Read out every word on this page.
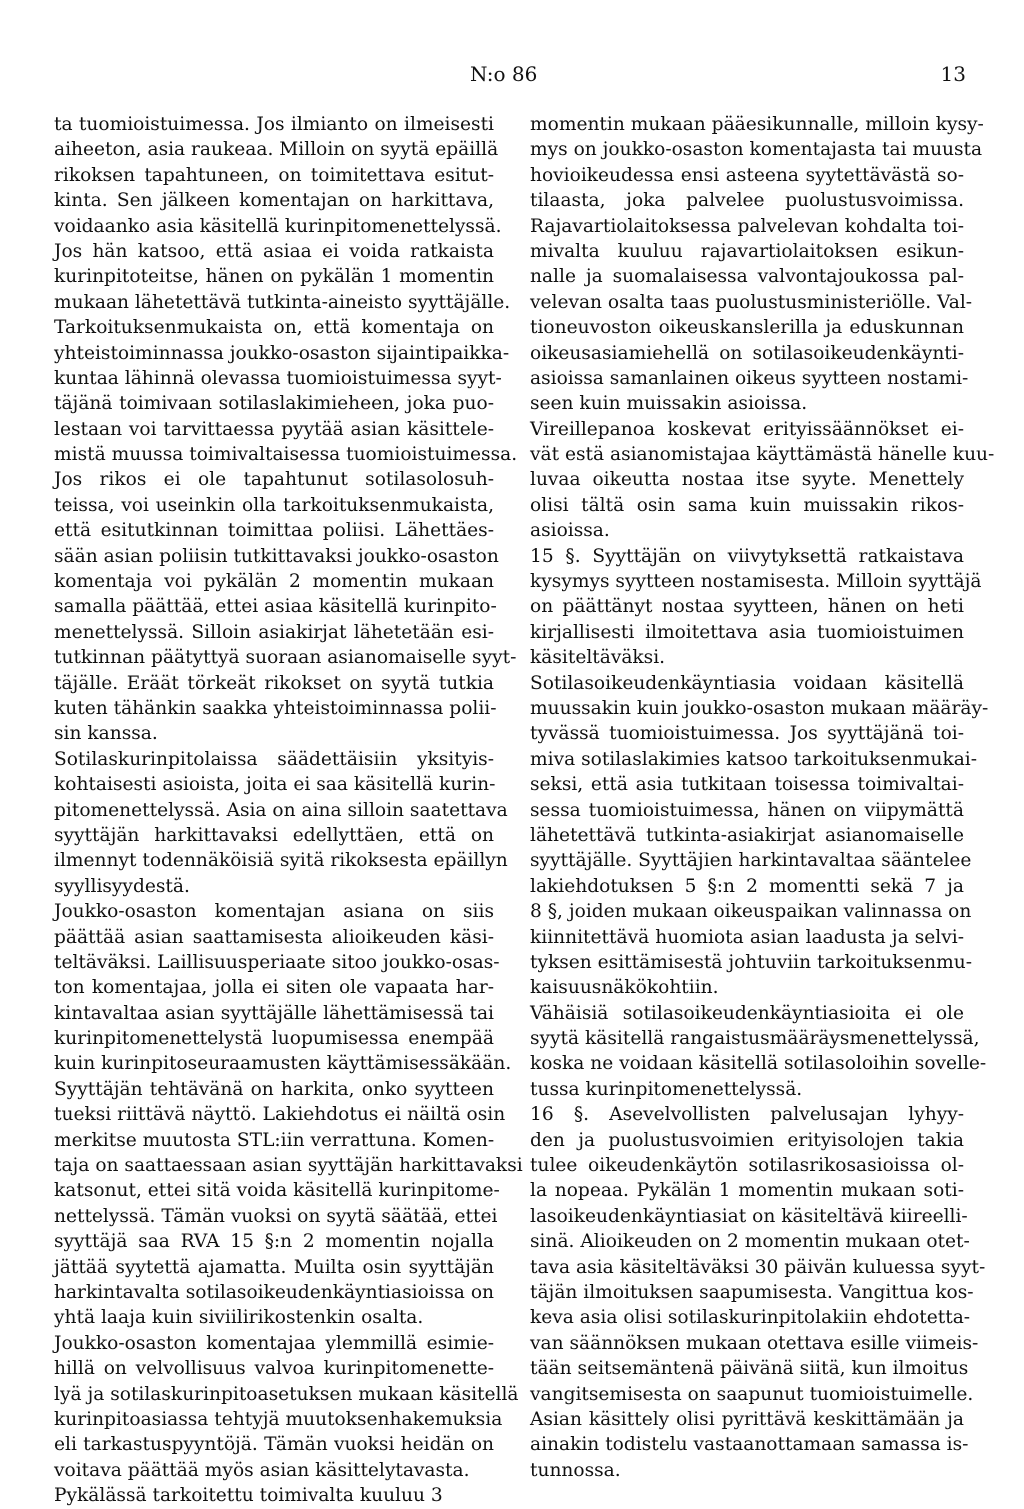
N:o 86	13
ta tuomioistuimessa. Jos ilmianto on ilmeisesti
aiheeton, asia raukeaa. Milloin on syytä epäillä
rikoksen tapahtuneen, on toimitettava esitut-
kinta. Sen jälkeen komentajan on harkittava,
voidaanko asia käsitellä kurinpitomenettelyssä.
Jos hän katsoo, että asiaa ei voida ratkaista
kurinpitoteitse, hänen on pykälän 1 momentin
mukaan lähetettävä tutkinta-aineisto syyttäjälle.
Tarkoituksenmukaista on, että komentaja on
yhteistoiminnassa joukko-osaston sijaintipaikka-
kuntaa lähinnä olevassa tuomioistuimessa syyt-
täjänä toimivaan sotilaslakimieheen, joka puo-
lestaan voi tarvittaessa pyytää asian käsittele-
mistä muussa toimivaltaisessa tuomioistuimessa.
Jos rikos ei ole tapahtunut sotilasolosuh-
teissa, voi useinkin olla tarkoituksenmukaista,
että esitutkinnan toimittaa poliisi. Lähettäes-
sään asian poliisin tutkittavaksi joukko-osaston
komentaja voi pykälän 2 momentin mukaan
samalla päättää, ettei asiaa käsitellä kurinpito-
menettelyssä. Silloin asiakirjat lähetetään esi-
tutkinnan päätyttyä suoraan asianomaiselle syyt-
täjälle. Eräät törkeät rikokset on syytä tutkia
kuten tähänkin saakka yhteistoiminnassa polii-
sin kanssa.
Sotilaskurinpitolaissa säädettäisiin yksityis-
kohtaisesti asioista, joita ei saa käsitellä kurin-
pitomenettelyssä. Asia on aina silloin saatettava
syyttäjän harkittavaksi edellyttäen, että on
ilmennyt todennäköisiä syitä rikoksesta epäillyn
syyllisyydestä.
Joukko-osaston komentajan asiana on siis
päättää asian saattamisesta alioikeuden käsi-
teltäväksi. Laillisuusperiaate sitoo joukko-osas-
ton komentajaa, jolla ei siten ole vapaata har-
kintavaltaa asian syyttäjälle lähettämisessä tai
kurinpitomenettelystä luopumisessa enempää
kuin kurinpitoseuraamusten käyttämisessäkään.
Syyttäjän tehtävänä on harkita, onko syytteen
tueksi riittävä näyttö. Lakiehdotus ei näiltä osin
merkitse muutosta STL:iin verrattuna. Komen-
taja on saattaessaan asian syyttäjän harkittavaksi
katsonut, ettei sitä voida käsitellä kurinpitome-
nettelyssä. Tämän vuoksi on syytä säätää, ettei
syyttäjä saa RVA 15 §:n 2 momentin nojalla
jättää syytettä ajamatta. Muilta osin syyttäjän
harkintavalta sotilasoikeudenkäyntiasioissa on
yhtä laaja kuin siviilirikostenkin osalta.
Joukko-osaston komentajaa ylemmillä esimie-
hillä on velvollisuus valvoa kurinpitomenette-
lyä ja sotilaskurinpitoasetuksen mukaan käsitellä
kurinpitoasiassa tehtyjä muutoksenhakemuksia
eli tarkastuspyyntöjä. Tämän vuoksi heidän on
voitava päättää myös asian käsittelytavasta.
Pykälässä tarkoitettu toimivalta kuuluu 3
momentin mukaan pääesikunnalle, milloin kysy-
mys on joukko-osaston komentajasta tai muusta
hovioikeudessa ensi asteena syytettävästä so-
tilaasta, joka palvelee puolustusvoimissa.
Rajavartiolaitoksessa palvelevan kohdalta toi-
mivalta kuuluu rajavartiolaitoksen esikun-
nalle ja suomalaisessa valvontajoukossa pal-
velevan osalta taas puolustusministeriölle. Val-
tioneuvoston oikeuskanslerilla ja eduskunnan
oikeusasiamiehellä on sotilasoikeudenkäynti-
asioissa samanlainen oikeus syytteen nostami-
seen kuin muissakin asioissa.
Vireillepanoa koskevat erityissäännökset ei-
vät estä asianomistajaa käyttämästä hänelle kuu-
luvaa oikeutta nostaa itse syyte. Menettely
olisi tältä osin sama kuin muissakin rikos-
asioissa.
15 §. Syyttäjän on viivytyksettä ratkaistava
kysymys syytteen nostamisesta. Milloin syyttäjä
on päättänyt nostaa syytteen, hänen on heti
kirjallisesti ilmoitettava asia tuomioistuimen
käsiteltäväksi.
Sotilasoikeudenkäyntiasia voidaan käsitellä
muussakin kuin joukko-osaston mukaan määräy-
tyvässä tuomioistuimessa. Jos syyttäjänä toi-
miva sotilaslakimies katsoo tarkoituksenmukai-
seksi, että asia tutkitaan toisessa toimivaltai-
sessa tuomioistuimessa, hänen on viipymättä
lähetettävä tutkinta-asiakirjat asianomaiselle
syyttäjälle. Syyttäjien harkintavaltaa sääntelee
lakiehdotuksen 5 §:n 2 momentti sekä 7 ja
8 §, joiden mukaan oikeuspaikan valinnassa on
kiinnitettävä huomiota asian laadusta ja selvi-
tyksen esittämisestä johtuviin tarkoituksenmu-
kaisuusnäkökohtiin.
Vähäisiä sotilasoikeudenkäyntiasioita ei ole
syytä käsitellä rangaistusmääräysmenettelyssä,
koska ne voidaan käsitellä sotilasoloihin sovelle-
tussa kurinpitomenettelyssä.
16 §. Asevelvollisten palvelusajan lyhyy-
den ja puolustusvoimien erityisolojen takia
tulee oikeudenkäytön sotilasrikosasioissa ol-
la nopeaa. Pykälän 1 momentin mukaan soti-
lasoikeudenkäyntiasiat on käsiteltävä kiireelli-
sinä. Alioikeuden on 2 momentin mukaan otet-
tava asia käsiteltäväksi 30 päivän kuluessa syyt-
täjän ilmoituksen saapumisesta. Vangittua kos-
keva asia olisi sotilaskurinpitolakiin ehdotetta-
van säännöksen mukaan otettava esille viimeis-
tään seitsemäntenä päivänä siitä, kun ilmoitus
vangitsemisesta on saapunut tuomioistuimelle.
Asian käsittely olisi pyrittävä keskittämään ja
ainakin todistelu vastaanottamaan samassa is-
tunnossa.
